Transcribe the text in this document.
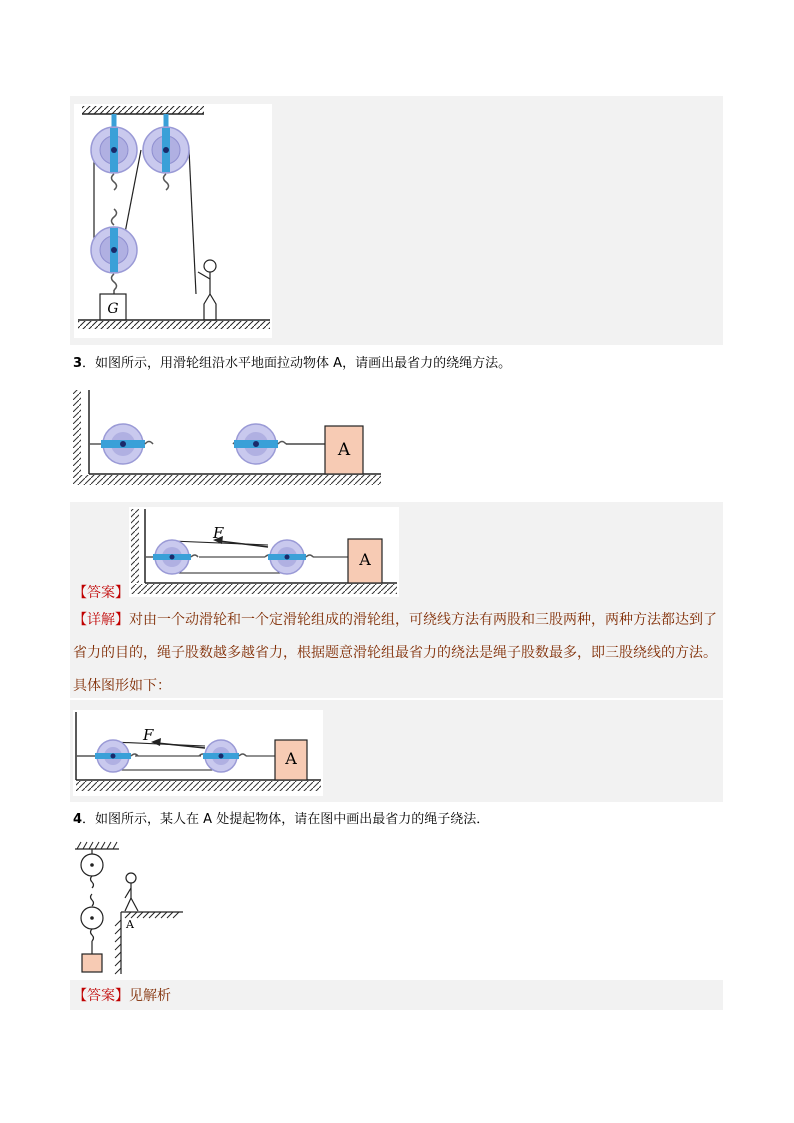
G
3．如图所示，用滑轮组沿水平地面拉动物体 A，请画出最省力的绕绳方法。
A
F
A
【答案】
【详解】对由一个动滑轮和一个定滑轮组成的滑轮组，可绕线方法有两股和三股两种，两种方法都达到了
省力的目的，绳子股数越多越省力，根据题意滑轮组最省力的绕法是绳子股数最多，即三股绕线的方法。
具体图形如下：
F
A
4．如图所示，某人在 A 处提起物体，请在图中画出最省力的绳子绕法．
A
【答案】见解析
